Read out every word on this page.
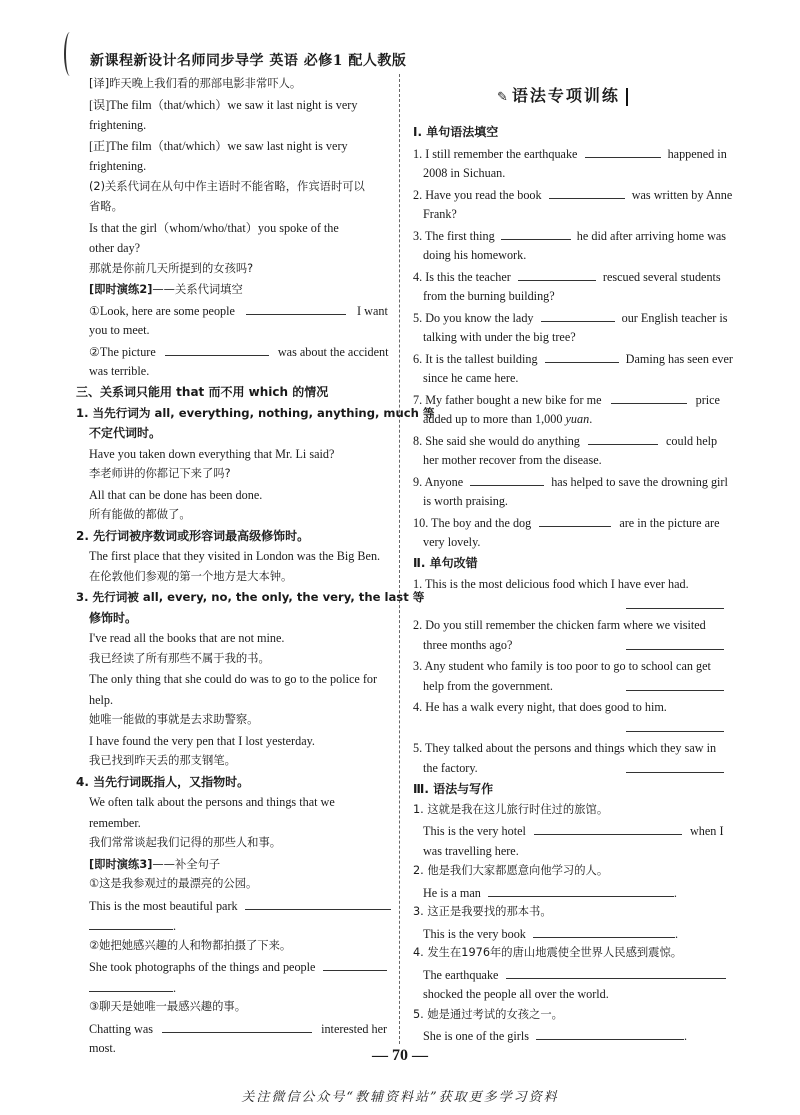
新课程新设计名师同步导学 英语 必修1 配人教版
[译]昨天晚上我们看的那部电影非常吓人。
[误]The film（that/which）we saw it last night is very
frightening.
[正]The film（that/which）we saw last night is very
frightening.
(2)关系代词在从句中作主语时不能省略，作宾语时可以
省略。
Is that the girl（whom/who/that）you spoke of the
other day?
那就是你前几天所提到的女孩吗?
[即时演练2]——关系代词填空
①Look, here are some people	I want
you to meet.
②The picture	was about the accident
was terrible.
三、关系词只能用 that 而不用 which 的情况
1. 当先行词为 all, everything, nothing, anything, much 等
不定代词时。
Have you taken down everything that Mr. Li said?
李老师讲的你都记下来了吗?
All that can be done has been done.
所有能做的都做了。
2. 先行词被序数词或形容词最高级修饰时。
The first place that they visited in London was the Big Ben.
在伦敦他们参观的第一个地方是大本钟。
3. 先行词被 all, every, no, the only, the very, the last 等
修饰时。
I've read all the books that are not mine.
我已经读了所有那些不属于我的书。
The only thing that she could do was to go to the police for
help.
她唯一能做的事就是去求助警察。
I have found the very pen that I lost yesterday.
我已找到昨天丢的那支钢笔。
4. 当先行词既指人，又指物时。
We often talk about the persons and things that we
remember.
我们常常谈起我们记得的那些人和事。
[即时演练3]——补全句子
①这是我参观过的最漂亮的公园。
This is the most beautiful park
.
②她把她感兴趣的人和物都拍摄了下来。
She took photographs of the things and people
.
③聊天是她唯一最感兴趣的事。
Chatting was	interested her
most.
✎ 语法专项训练
Ⅰ. 单句语法填空
1. I still remember the earthquake	happened in
2008 in Sichuan.
2. Have you read the book	was written by Anne
Frank?
3. The first thing	he did after arriving home was
doing his homework.
4. Is this the teacher	rescued several students
from the burning building?
5. Do you know the lady	our English teacher is
talking with under the big tree?
6. It is the tallest building	Daming has seen ever
since he came here.
7. My father bought a new bike for me	price
added up to more than 1,000 yuan.
8. She said she would do anything	could help
her mother recover from the disease.
9. Anyone	has helped to save the drowning girl
is worth praising.
10. The boy and the dog	are in the picture are
very lovely.
Ⅱ. 单句改错
1. This is the most delicious food which I have ever had.
2. Do you still remember the chicken farm where we visited
three months ago?
3. Any student who family is too poor to go to school can get
help from the government.
4. He has a walk every night, that does good to him.
5. They talked about the persons and things which they saw in
the factory.
Ⅲ. 语法与写作
1. 这就是我在这儿旅行时住过的旅馆。
This is the very hotel	when I
was travelling here.
2. 他是我们大家都愿意向他学习的人。
He is a man	.
3. 这正是我要找的那本书。
This is the very book	.
4. 发生在1976年的唐山地震使全世界人民感到震惊。
The earthquake
shocked the people all over the world.
5. 她是通过考试的女孩之一。
She is one of the girls	.
— 70 —
关注微信公众号“教辅资料站”获取更多学习资料
